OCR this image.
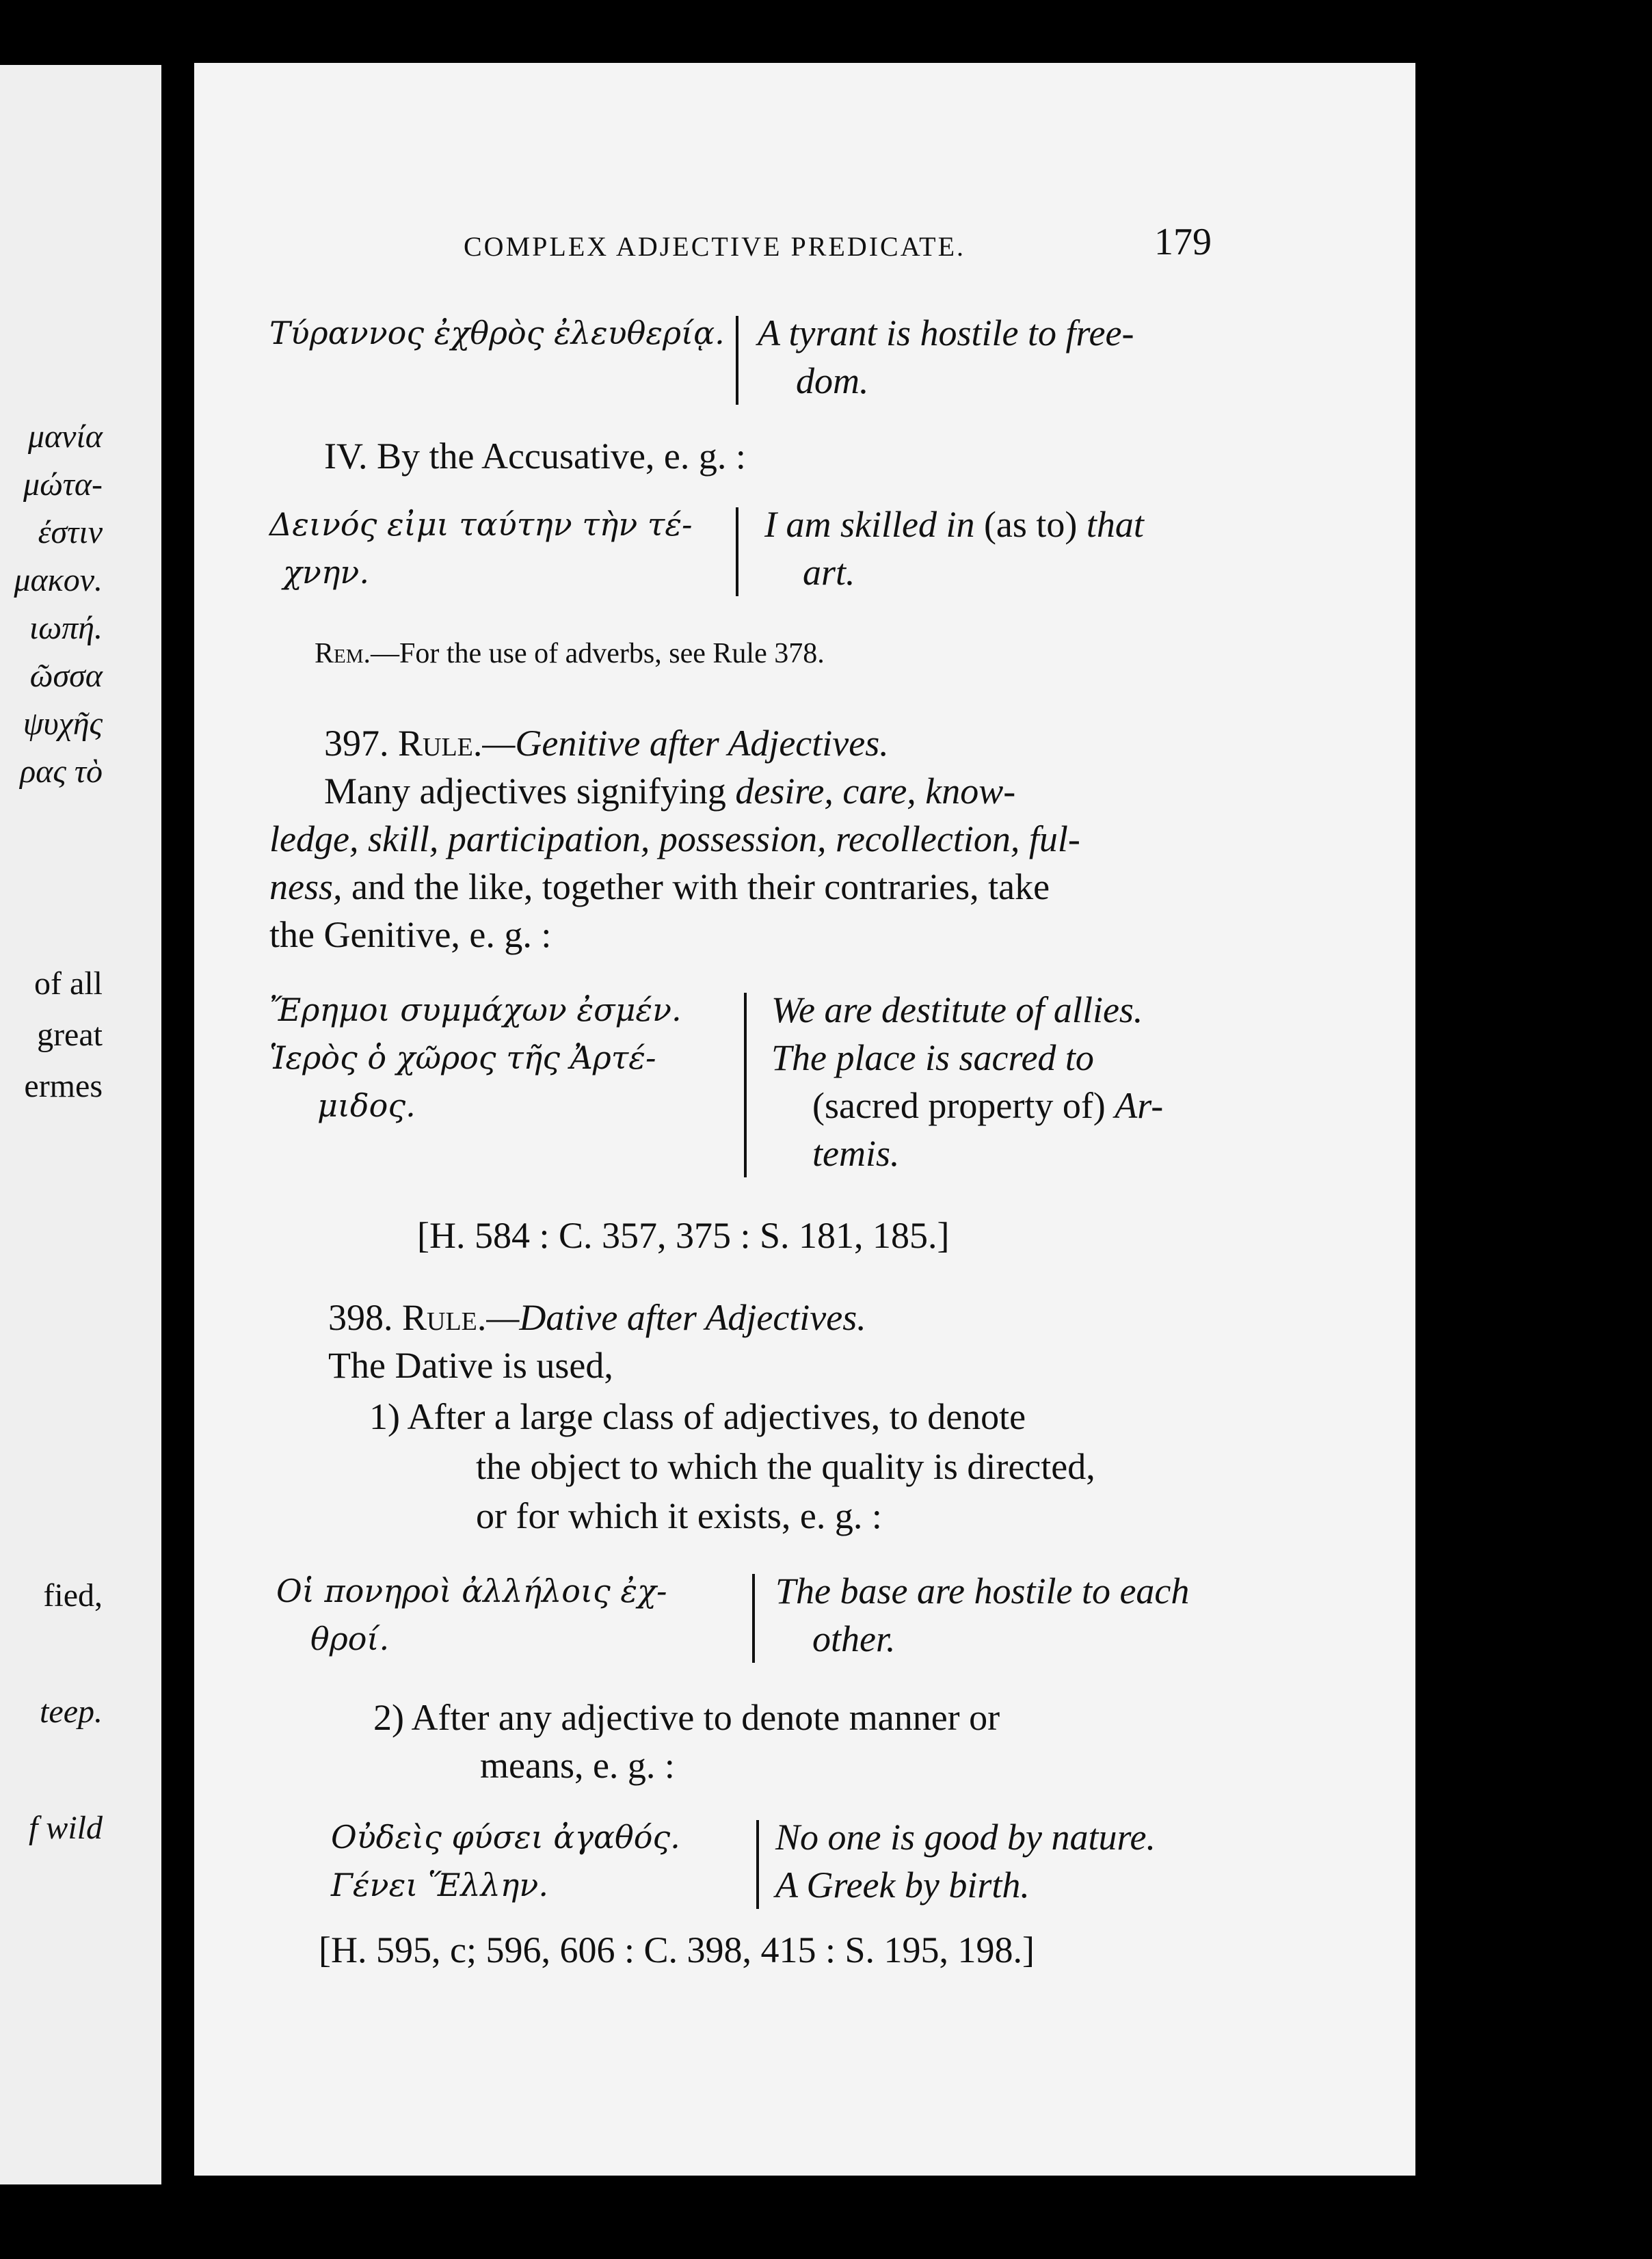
μανία
μώτα-
έστιν
μακον.
ιωπή.
ῶσσα
ψυχῆς
ρας τὸ
of all
great
ermes
fied,
teep.
f wild
COMPLEX ADJECTIVE PREDICATE.	179
Τύραννος ἐχθρὸς ἐλευθερίᾳ. A tyrant is hostile to free-
dom.
IV. By the Accusative, e. g. :
Δεινός εἰμι ταύτην τὴν τέ-
χνην.
I am skilled in (as to) that
art.
Rem.—For the use of adverbs, see Rule 378.
397. Rule.—Genitive after Adjectives.
Many adjectives signifying desire, care, know-
ledge, skill, participation, possession, recollection, ful-
ness, and the like, together with their contraries, take
the Genitive, e. g. :
Ἔρημοι συμμάχων ἐσμέν.
Ἱερὸς ὁ χῶρος τῆς Ἀρτέ-
μιδος.
We are destitute of allies.
The place is sacred to
(sacred property of) Ar-
temis.
[H. 584 : C. 357, 375 : S. 181, 185.]
398. Rule.—Dative after Adjectives.
The Dative is used,
1) After a large class of adjectives, to denote
the object to which the quality is directed,
or for which it exists, e. g. :
Οἱ πονηροὶ ἀλλήλοις ἐχ-
θροί.
The base are hostile to each
other.
2) After any adjective to denote manner or
means, e. g. :
Οὐδεὶς φύσει ἀγαθός.
Γένει Ἕλλην.
No one is good by nature.
A Greek by birth.
[H. 595, c; 596, 606 : C. 398, 415 : S. 195, 198.]
